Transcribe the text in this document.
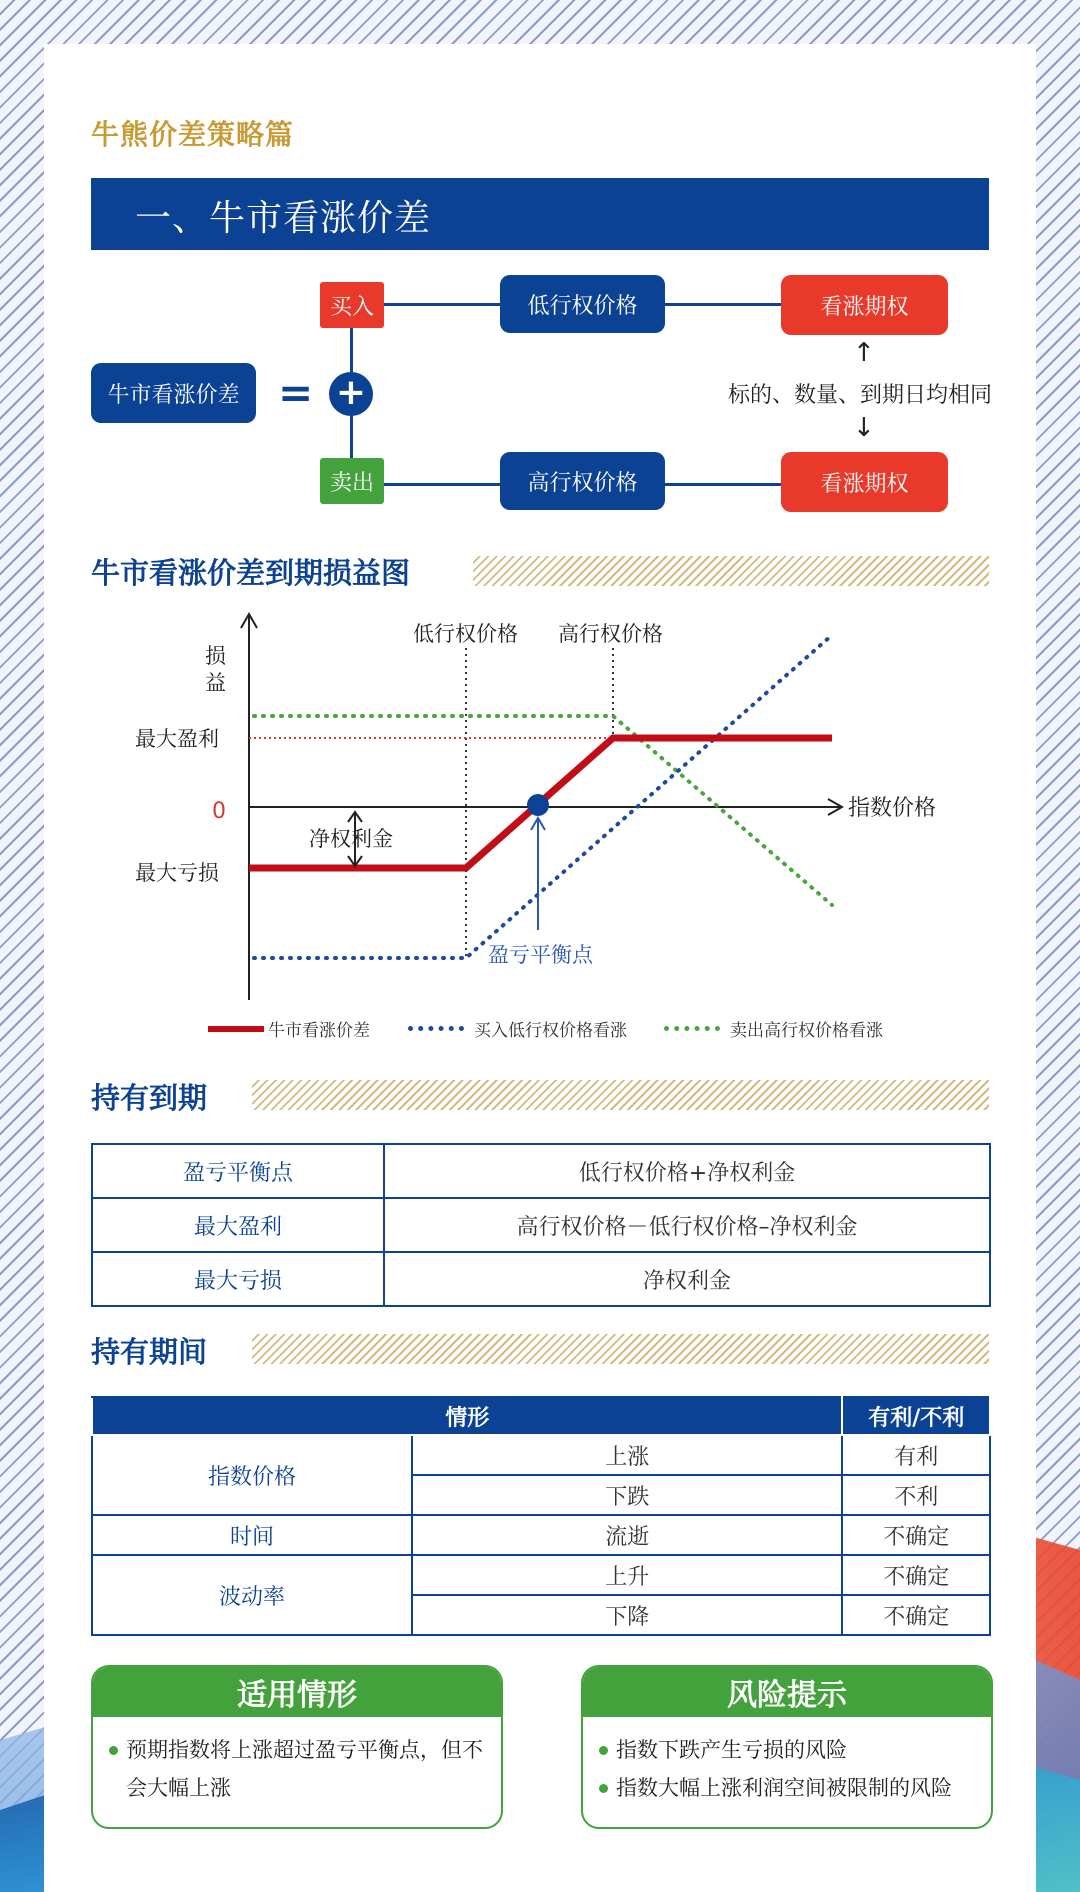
牛熊价差策略篇
一、牛市看涨价差
牛市看涨价差 = +
买入
卖出
低行权价格
高行权价格
看涨期权
看涨期权
↑
标的、数量、到期日均相同
↓
牛市看涨价差到期损益图
损
益
指数价格
最大盈利
0
最大亏损
低行权价格 高行权价格
净权利金
盈亏平衡点
牛市看涨价差	买入低行权价格看涨	卖出高行权价格看涨
持有到期
盈亏平衡点	低行权价格+净权利金
最大盈利	高行权价格－低行权价格–净权利金
最大亏损	净权利金
持有期间
情形		有利/不利
指数价格	上涨	有利
	下跌	不利
时间	流逝	不确定
波动率	上升	不确定
	下降	不确定
适用情形
预期指数将上涨超过盈亏平衡点，但不会大幅上涨
风险提示
指数下跌产生亏损的风险
指数大幅上涨利润空间被限制的风险
